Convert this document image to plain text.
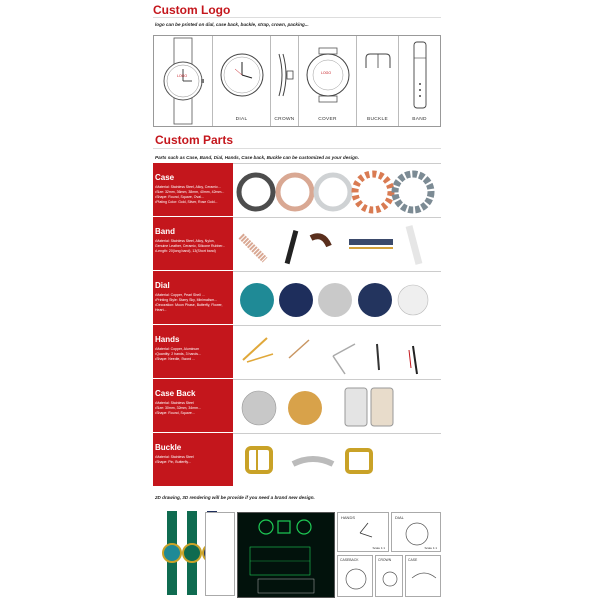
Custom Logo
logo can be printed on dial, case back, buckle, strap, crown, packing...
LOGO
DIAL	CROWN
LOGO
COVER	BUCKLE	BAND
Custom Parts
Parts such as Case, Band, Dial, Hands, Case back, Buckle can be customized as your design.
Case
•Material: Stainless Steel, Alloy, Ceramic...
•Size: 32mm, 36mm, 38mm, 40mm, 42mm...
•Shape: Round, Square, Oval...
•Plating Color: Gold, Silver, Rose Gold...
Band
•Material: Stainless Steel, Alloy, Nylon,
Genuine Leather, Ceramic, Silicone Rubber...
•Length: 20(long band), 13(Short band)
Dial
•Material: Copper, Pearl Shell ...
•Printing Style: Starry Sky, Minimalism...
•Decoration: Moon Phase, Butterfly, Flower,
Heart...
Hands
•Material: Copper, Aluminum
•Quantity: 2 hands, 3 hands...
•Shape: Needle, Sword ...
Case Back
•Material: Stainless Steel
•Size: 30mm, 32mm, 34mm...
•Shape: Round, Square...
Buckle
•Material: Stainless Steel
•Shape: Pin, Butterfly...
2D drawing, 3D rendering will be provide if you need a brand new design.
HANDS
Scale 1:1
DIAL
Scale 1:1
CASEBACK	CROWN	CASE
